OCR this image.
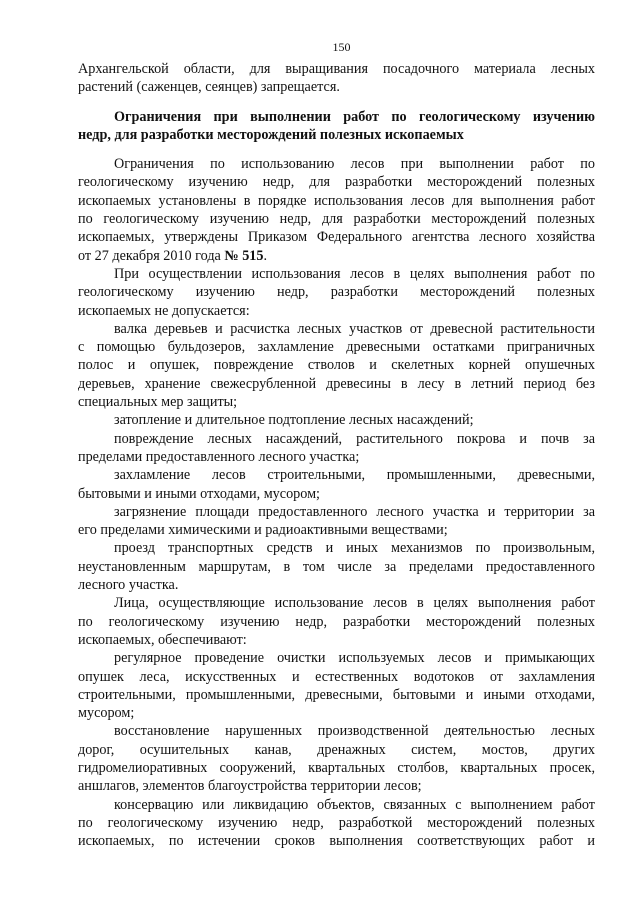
150
Архангельской области, для выращивания посадочного материала лесных
растений (саженцев, сеянцев) запрещается.
Ограничения при выполнении работ по геологическому изучению
недр, для разработки месторождений полезных ископаемых
Ограничения по использованию лесов при выполнении работ по
геологическому изучению недр, для разработки месторождений полезных
ископаемых установлены в порядке использования лесов для выполнения работ
по геологическому изучению недр, для разработки месторождений полезных
ископаемых, утверждены Приказом Федерального агентства лесного хозяйства
от 27 декабря 2010 года № 515.
При осуществлении использования лесов в целях выполнения работ по
геологическому изучению недр, разработки месторождений полезных
ископаемых не допускается:
валка деревьев и расчистка лесных участков от древесной растительности
с помощью бульдозеров, захламление древесными остатками приграничных
полос и опушек, повреждение стволов и скелетных корней опушечных
деревьев, хранение свежесрубленной древесины в лесу в летний период без
специальных мер защиты;
затопление и длительное подтопление лесных насаждений;
повреждение лесных насаждений, растительного покрова и почв за
пределами предоставленного лесного участка;
захламление лесов строительными, промышленными, древесными,
бытовыми и иными отходами, мусором;
загрязнение площади предоставленного лесного участка и территории за
его пределами химическими и радиоактивными веществами;
проезд транспортных средств и иных механизмов по произвольным,
неустановленным маршрутам, в том числе за пределами предоставленного
лесного участка.
Лица, осуществляющие использование лесов в целях выполнения работ
по геологическому изучению недр, разработки месторождений полезных
ископаемых, обеспечивают:
регулярное проведение очистки используемых лесов и примыкающих
опушек леса, искусственных и естественных водотоков от захламления
строительными, промышленными, древесными, бытовыми и иными отходами,
мусором;
восстановление нарушенных производственной деятельностью лесных
дорог, осушительных канав, дренажных систем, мостов, других
гидромелиоративных сооружений, квартальных столбов, квартальных просек,
аншлагов, элементов благоустройства территории лесов;
консервацию или ликвидацию объектов, связанных с выполнением работ
по геологическому изучению недр, разработкой месторождений полезных
ископаемых, по истечении сроков выполнения соответствующих работ и
